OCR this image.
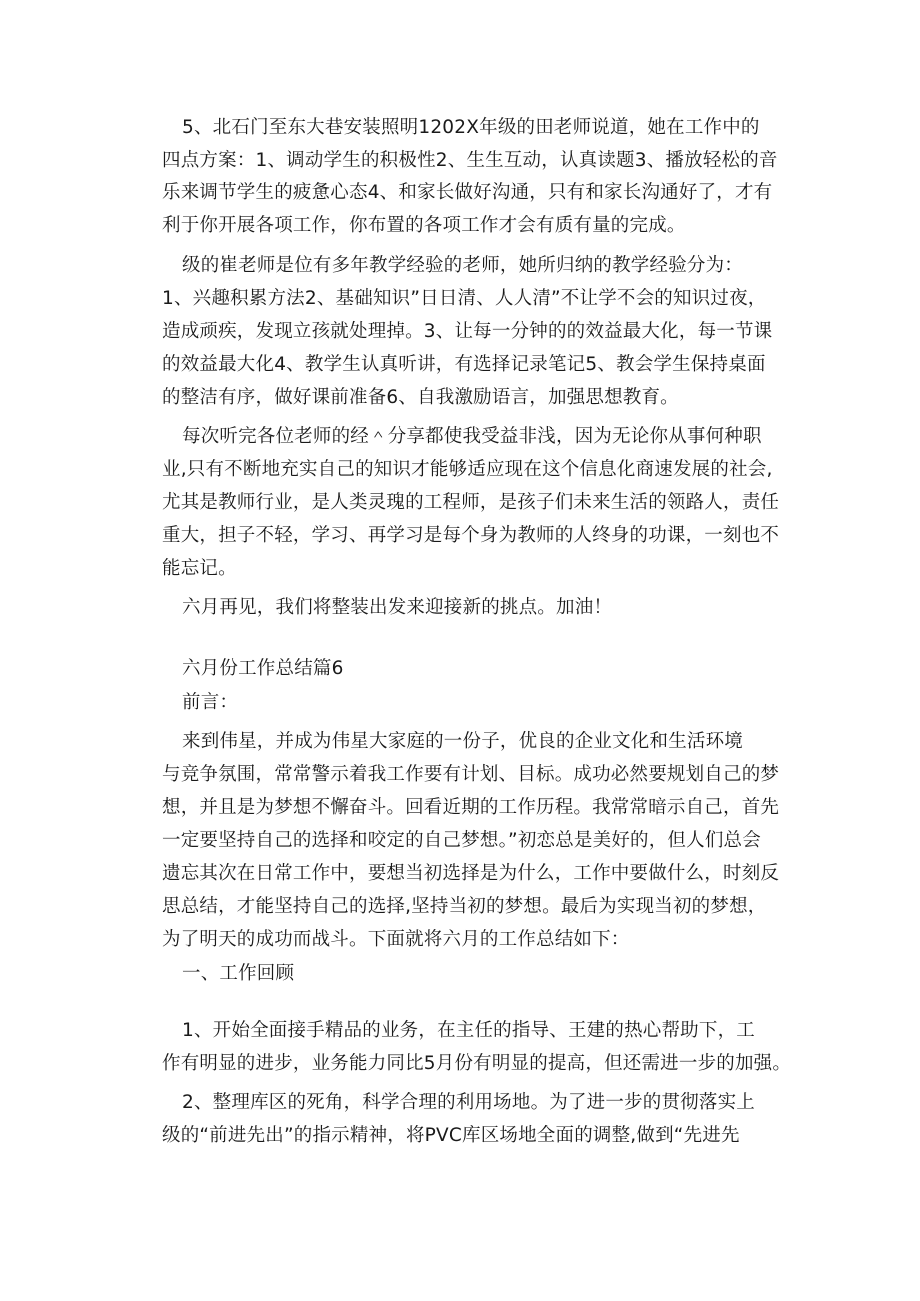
5、北石门至东大巷安装照明1202X年级的田老师说道，她在工作中的
四点方案：1、调动学生的积极性2、生生互动，认真读题3、播放轻松的音
乐来调节学生的疲惫心态4、和家长做好沟通，只有和家长沟通好了，才有
利于你开展各项工作，你布置的各项工作才会有质有量的完成。
级的崔老师是位有多年教学经验的老师，她所归纳的教学经验分为：
1、兴趣积累方法2、基础知识”日日清、人人清”不让学不会的知识过夜，
造成顽疾，发现立孩就处理掉。3、让每一分钟的的效益最大化，每一节课
的效益最大化4、教学生认真听讲，有选择记录笔记5、教会学生保持桌面
的整洁有序，做好课前准备6、自我激励语言，加强思想教育。
每次听完各位老师的经＾分享都使我受益非浅，因为无论你从事何种职
业,只有不断地充实自己的知识才能够适应现在这个信息化商速发展的社会,
尤其是教师行业，是人类灵瑰的工程师，是孩子们未来生活的领路人，责任
重大，担子不轻，学习、再学习是每个身为教师的人终身的功课，一刻也不
能忘记。
六月再见，我们将整装出发来迎接新的挑点。加油！
六月份工作总结篇6
前言：
来到伟星，并成为伟星大家庭的一份子，优良的企业文化和生活环境
与竞争氛围，常常警示着我工作要有计划、目标。成功必然要规划自己的梦
想，并且是为梦想不懈奋斗。回看近期的工作历程。我常常暗示自己，首先
一定要坚持自己的选择和咬定的自己梦想。”初恋总是美好的，但人们总会
遗忘其次在日常工作中，要想当初选择是为什么，工作中要做什么，时刻反
思总结，才能坚持自己的选择,坚持当初的梦想。最后为实现当初的梦想，
为了明天的成功而战斗。下面就将六月的工作总结如下：
一、工作回顾
1、开始全面接手精品的业务，在主任的指导、王建的热心帮助下，工
作有明显的进步，业务能力同比5月份有明显的提高，但还需进一步的加强。
2、整理库区的死角，科学合理的利用场地。为了进一步的贯彻落实上
级的“前进先出”的指示精神，将PVC库区场地全面的调整,做到“先进先
